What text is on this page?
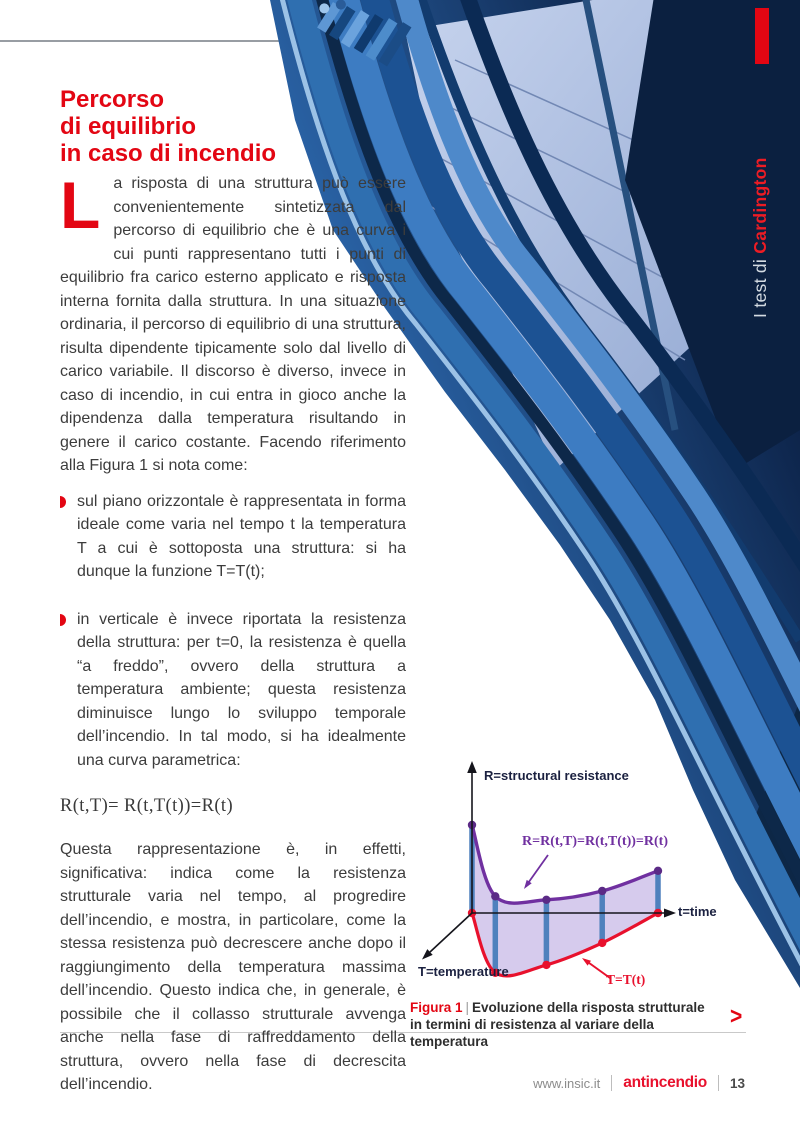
I test di Cardington
Percorso
di equilibrio
in caso di incendio
La risposta di una struttura può essere convenientemente sintetizzata dal percorso di equilibrio che è una curva i cui punti rappresentano tutti i punti di equilibrio fra carico esterno applicato e risposta interna fornita dalla struttura. In una situazione ordinaria, il percorso di equilibrio di una struttura, risulta dipendente tipicamente solo dal livello di carico variabile. Il discorso è diverso, invece in caso di incendio, in cui entra in gioco anche la dipendenza dalla temperatura risultando in genere il carico costante. Facendo riferimento alla Figura 1 si nota come:
sul piano orizzontale è rappresentata in forma ideale come varia nel tempo t la temperatura T a cui è sottoposta una struttura: si ha dunque la funzione T=T(t);
in verticale è invece riportata la resistenza della struttura: per t=0, la resistenza è quella “a freddo”, ovvero della struttura a temperatura ambiente; questa resistenza diminuisce lungo lo sviluppo temporale dell’incendio. In tal modo, si ha idealmente una curva parametrica:
R(t,T)= R(t,T(t))=R(t)
Questa rappresentazione è, in effetti, significativa: indica come la resistenza strutturale varia nel tempo, al progredire dell’incendio, e mostra, in particolare, come la stessa resistenza può decrescere anche dopo il raggiungimento della temperatura massima dell’incendio. Questo indica che, in generale, è possibile che il collasso strutturale avvenga anche nella fase di raffreddamento della struttura, ovvero nella fase di decrescita dell’incendio.
R=structural resistance
t=time
T=temperature
R=R(t,T)=R(t,T(t))=R(t)
T=T(t)
Figura 1 | Evoluzione della risposta strutturale in termini di resistenza al variare della temperatura
>
www.insic.it antincendio 13
